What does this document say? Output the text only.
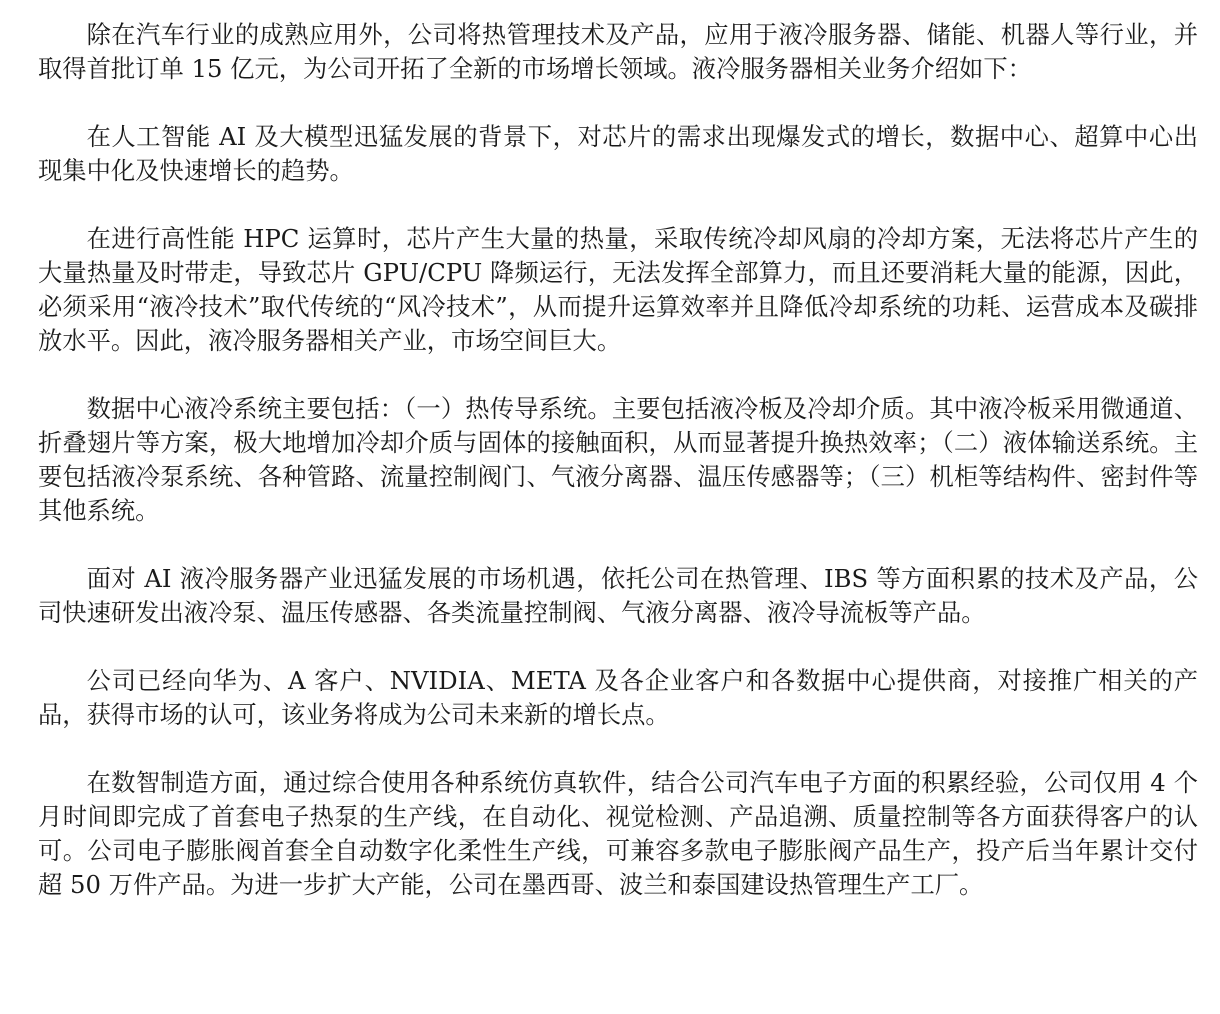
除在汽车行业的成熟应用外，公司将热管理技术及产品，应用于液冷服务器、储能、机器人等行业，并取得首批订单 15 亿元，为公司开拓了全新的市场增长领域。液冷服务器相关业务介绍如下：

在人工智能 AI 及大模型迅猛发展的背景下，对芯片的需求出现爆发式的增长，数据中心、超算中心出现集中化及快速增长的趋势。

在进行高性能 HPC 运算时，芯片产生大量的热量，采取传统冷却风扇的冷却方案，无法将芯片产生的大量热量及时带走，导致芯片 GPU/CPU 降频运行，无法发挥全部算力，而且还要消耗大量的能源，因此，必须采用“液冷技术”取代传统的“风冷技术”，从而提升运算效率并且降低冷却系统的功耗、运营成本及碳排放水平。因此，液冷服务器相关产业，市场空间巨大。

数据中心液冷系统主要包括：（一）热传导系统。主要包括液冷板及冷却介质。其中液冷板采用微通道、折叠翅片等方案，极大地增加冷却介质与固体的接触面积，从而显著提升换热效率；（二）液体输送系统。主要包括液冷泵系统、各种管路、流量控制阀门、气液分离器、温压传感器等；（三）机柜等结构件、密封件等其他系统。

面对 AI 液冷服务器产业迅猛发展的市场机遇，依托公司在热管理、IBS 等方面积累的技术及产品，公司快速研发出液冷泵、温压传感器、各类流量控制阀、气液分离器、液冷导流板等产品。

公司已经向华为、A 客户、NVIDIA、META 及各企业客户和各数据中心提供商，对接推广相关的产品，获得市场的认可，该业务将成为公司未来新的增长点。

在数智制造方面，通过综合使用各种系统仿真软件，结合公司汽车电子方面的积累经验，公司仅用 4 个月时间即完成了首套电子热泵的生产线，在自动化、视觉检测、产品追溯、质量控制等各方面获得客户的认可。公司电子膨胀阀首套全自动数字化柔性生产线，可兼容多款电子膨胀阀产品生产，投产后当年累计交付超 50 万件产品。为进一步扩大产能，公司在墨西哥、波兰和泰国建设热管理生产工厂。
